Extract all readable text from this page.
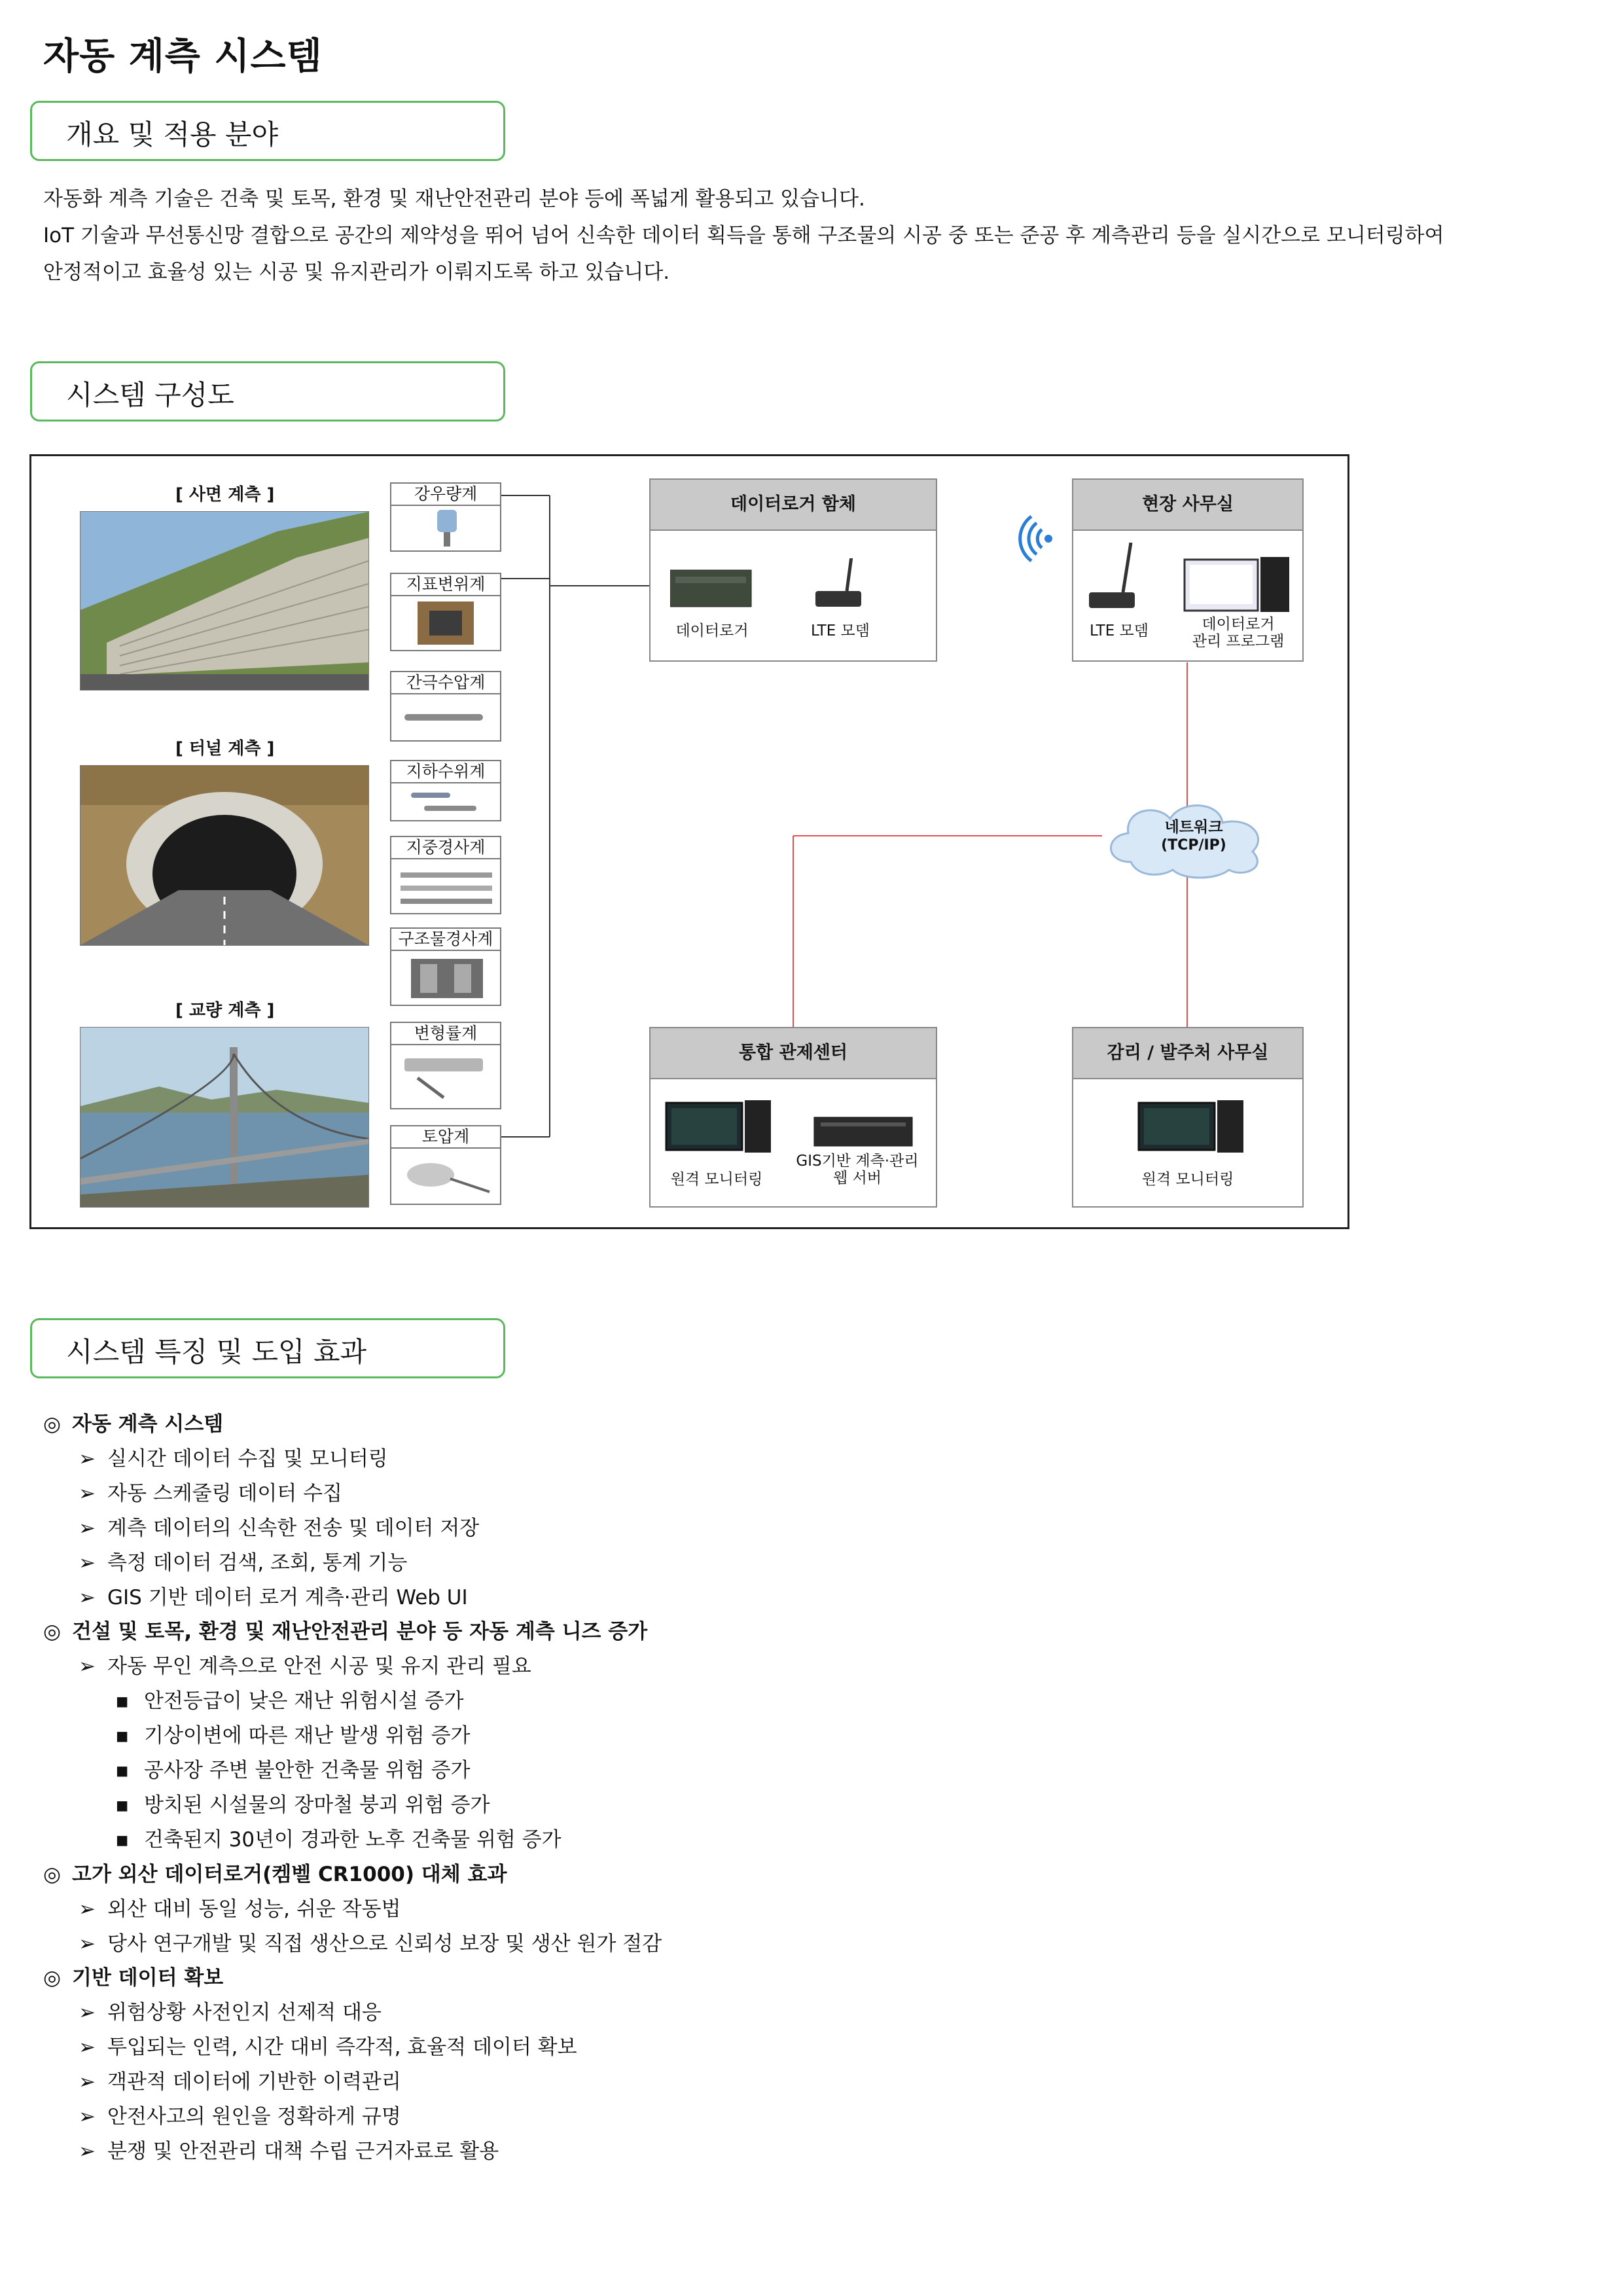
자동 계측 시스템
개요 및 적용 분야
자동화 계측 기술은 건축 및 토목, 환경 및 재난안전관리 분야 등에 폭넓게 활용되고 있습니다.
IoT 기술과 무선통신망 결합으로 공간의 제약성을 뛰어 넘어 신속한 데이터 획득을 통해 구조물의 시공 중 또는 준공 후 계측관리 등을 실시간으로 모니터링하여
안정적이고 효율성 있는 시공 및 유지관리가 이뤄지도록 하고 있습니다.
시스템 구성도
[ 사면 계측 ]
[ 터널 계측 ]
[ 교량 계측 ]
강우량계
지표변위계
간극수압계
지하수위계
지중경사계
구조물경사계
변형률계
토압계
데이터로거 함체
데이터로거	LTE 모뎀
현장 사무실
LTE 모뎀	데이터로거
관리 프로그램
네트워크
(TCP/IP)
통합 관제센터
원격 모니터링
GIS기반 계측·관리
웹 서버
감리 / 발주처 사무실
원격 모니터링
시스템 특징 및 도입 효과
◎ 자동 계측 시스템
➢ 실시간 데이터 수집 및 모니터링
➢ 자동 스케줄링 데이터 수집
➢ 계측 데이터의 신속한 전송 및 데이터 저장
➢ 측정 데이터 검색, 조회, 통계 기능
➢ GIS 기반 데이터 로거 계측·관리 Web UI
◎ 건설 및 토목, 환경 및 재난안전관리 분야 등 자동 계측 니즈 증가
➢ 자동 무인 계측으로 안전 시공 및 유지 관리 필요
▪ 안전등급이 낮은 재난 위험시설 증가
▪ 기상이변에 따른 재난 발생 위험 증가
▪ 공사장 주변 불안한 건축물 위험 증가
▪ 방치된 시설물의 장마철 붕괴 위험 증가
▪ 건축된지 30년이 경과한 노후 건축물 위험 증가
◎ 고가 외산 데이터로거(켐벨 CR1000) 대체 효과
➢ 외산 대비 동일 성능, 쉬운 작동법
➢ 당사 연구개발 및 직접 생산으로 신뢰성 보장 및 생산 원가 절감
◎ 기반 데이터 확보
➢ 위험상황 사전인지 선제적 대응
➢ 투입되는 인력, 시간 대비 즉각적, 효율적 데이터 확보
➢ 객관적 데이터에 기반한 이력관리
➢ 안전사고의 원인을 정확하게 규명
➢ 분쟁 및 안전관리 대책 수립 근거자료로 활용
